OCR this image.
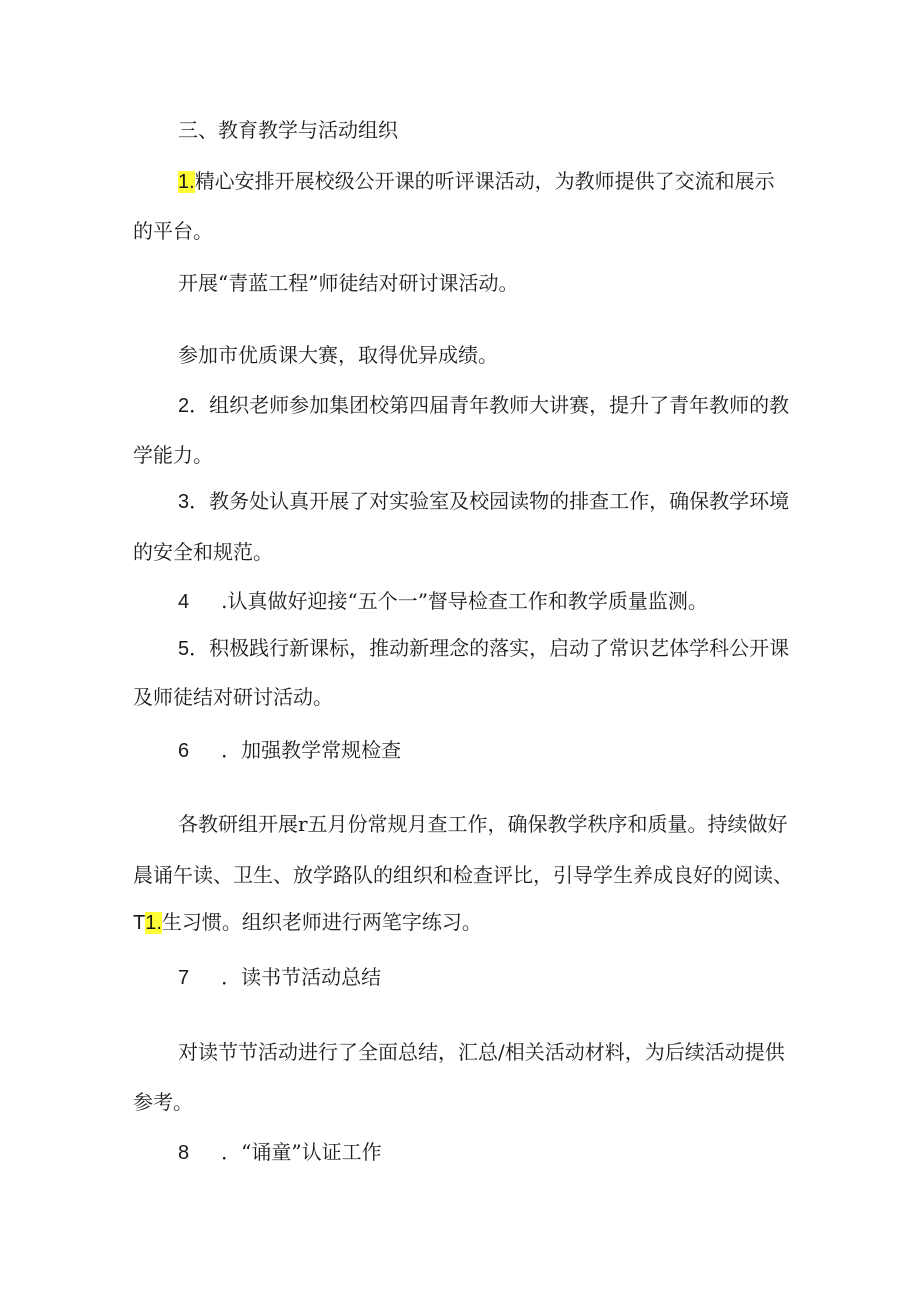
三、教育教学与活动组织
1.精心安排开展校级公开课的听评课活动，为教师提供了交流和展示
的平台。
开展“青蓝工程”师徒结对研讨课活动。
参加市优质课大赛，取得优异成绩。
2．组织老师参加集团校第四届青年教师大讲赛，提升了青年教师的教
学能力。
3．教务处认真开展了对实验室及校园读物的排查工作，确保教学环境
的安全和规范。
4 .认真做好迎接“五个一”督导检查工作和教学质量监测。
5．积极践行新课标，推动新理念的落实，启动了常识艺体学科公开课
及师徒结对研讨活动。
6 ．加强教学常规检查
各教研组开展r五月份常规月查工作，确保教学秩序和质量。持续做好
晨诵午读、卫生、放学路队的组织和检查评比，引导学生养成良好的阅读、
T1.生习惯。组织老师进行两笔字练习。
7 ．读书节活动总结
对读节节活动进行了全面总结，汇总/相关活动材料，为后续活动提供
参考。
8 ．“诵童”认证工作
